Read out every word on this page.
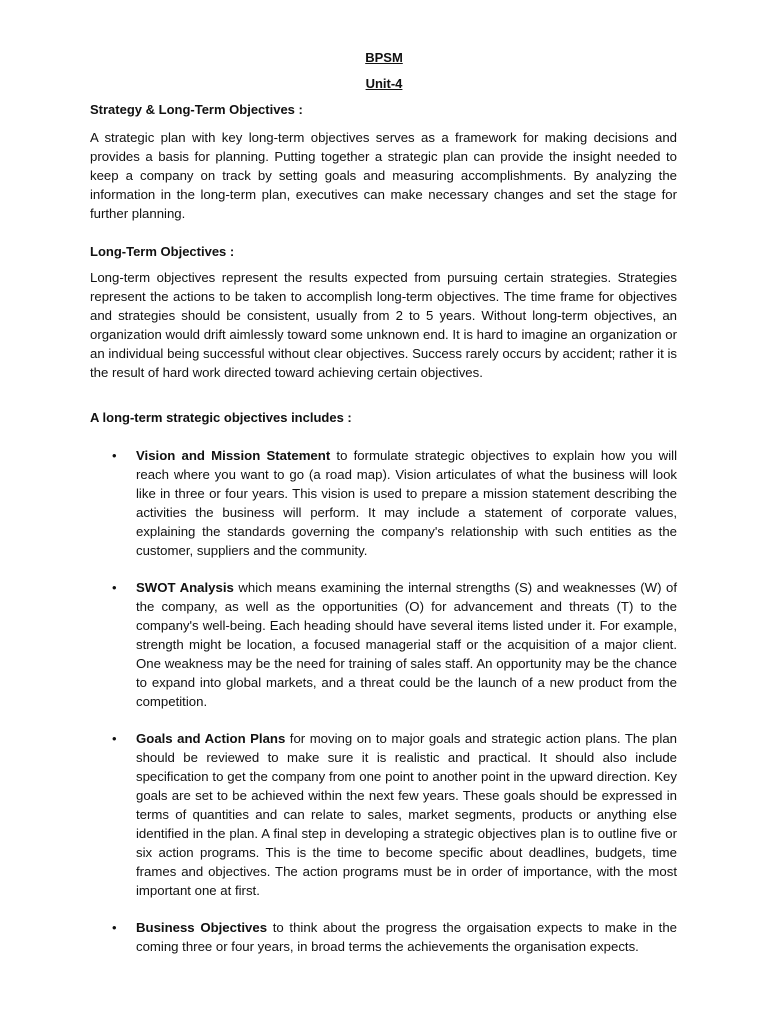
BPSM
Unit-4
Strategy & Long-Term Objectives :

A strategic plan with key long-term objectives serves as a framework for making decisions and provides a basis for planning. Putting together a strategic plan can provide the insight needed to keep a company on track by setting goals and measuring accomplishments. By analyzing the information in the long-term plan, executives can make necessary changes and set the stage for further planning.

Long-Term Objectives :

Long-term objectives represent the results expected from pursuing certain strategies. Strategies represent the actions to be taken to accomplish long-term objectives. The time frame for objectives and strategies should be consistent, usually from 2 to 5 years. Without long-term objectives, an organization would drift aimlessly toward some unknown end. It is hard to imagine an organization or an individual being successful without clear objectives. Success rarely occurs by accident; rather it is the result of hard work directed toward achieving certain objectives.

A long-term strategic objectives includes :
• Vision and Mission Statement to formulate strategic objectives to explain how you will reach where you want to go (a road map). Vision articulates of what the business will look like in three or four years. This vision is used to prepare a mission statement describing the activities the business will perform. It may include a statement of corporate values, explaining the standards governing the company's relationship with such entities as the customer, suppliers and the community.

• SWOT Analysis which means examining the internal strengths (S) and weaknesses (W) of the company, as well as the opportunities (O) for advancement and threats (T) to the company's well-being. Each heading should have several items listed under it. For example, strength might be location, a focused managerial staff or the acquisition of a major client. One weakness may be the need for training of sales staff. An opportunity may be the chance to expand into global markets, and a threat could be the launch of a new product from the competition.

• Goals and Action Plans for moving on to major goals and strategic action plans. The plan should be reviewed to make sure it is realistic and practical. It should also include specification to get the company from one point to another point in the upward direction. Key goals are set to be achieved within the next few years. These goals should be expressed in terms of quantities and can relate to sales, market segments, products or anything else identified in the plan. A final step in developing a strategic objectives plan is to outline five or six action programs. This is the time to become specific about deadlines, budgets, time frames and objectives. The action programs must be in order of importance, with the most important one at first.

• Business Objectives to think about the progress the orgaisation expects to make in the coming three or four years, in broad terms the achievements the organisation expects.
